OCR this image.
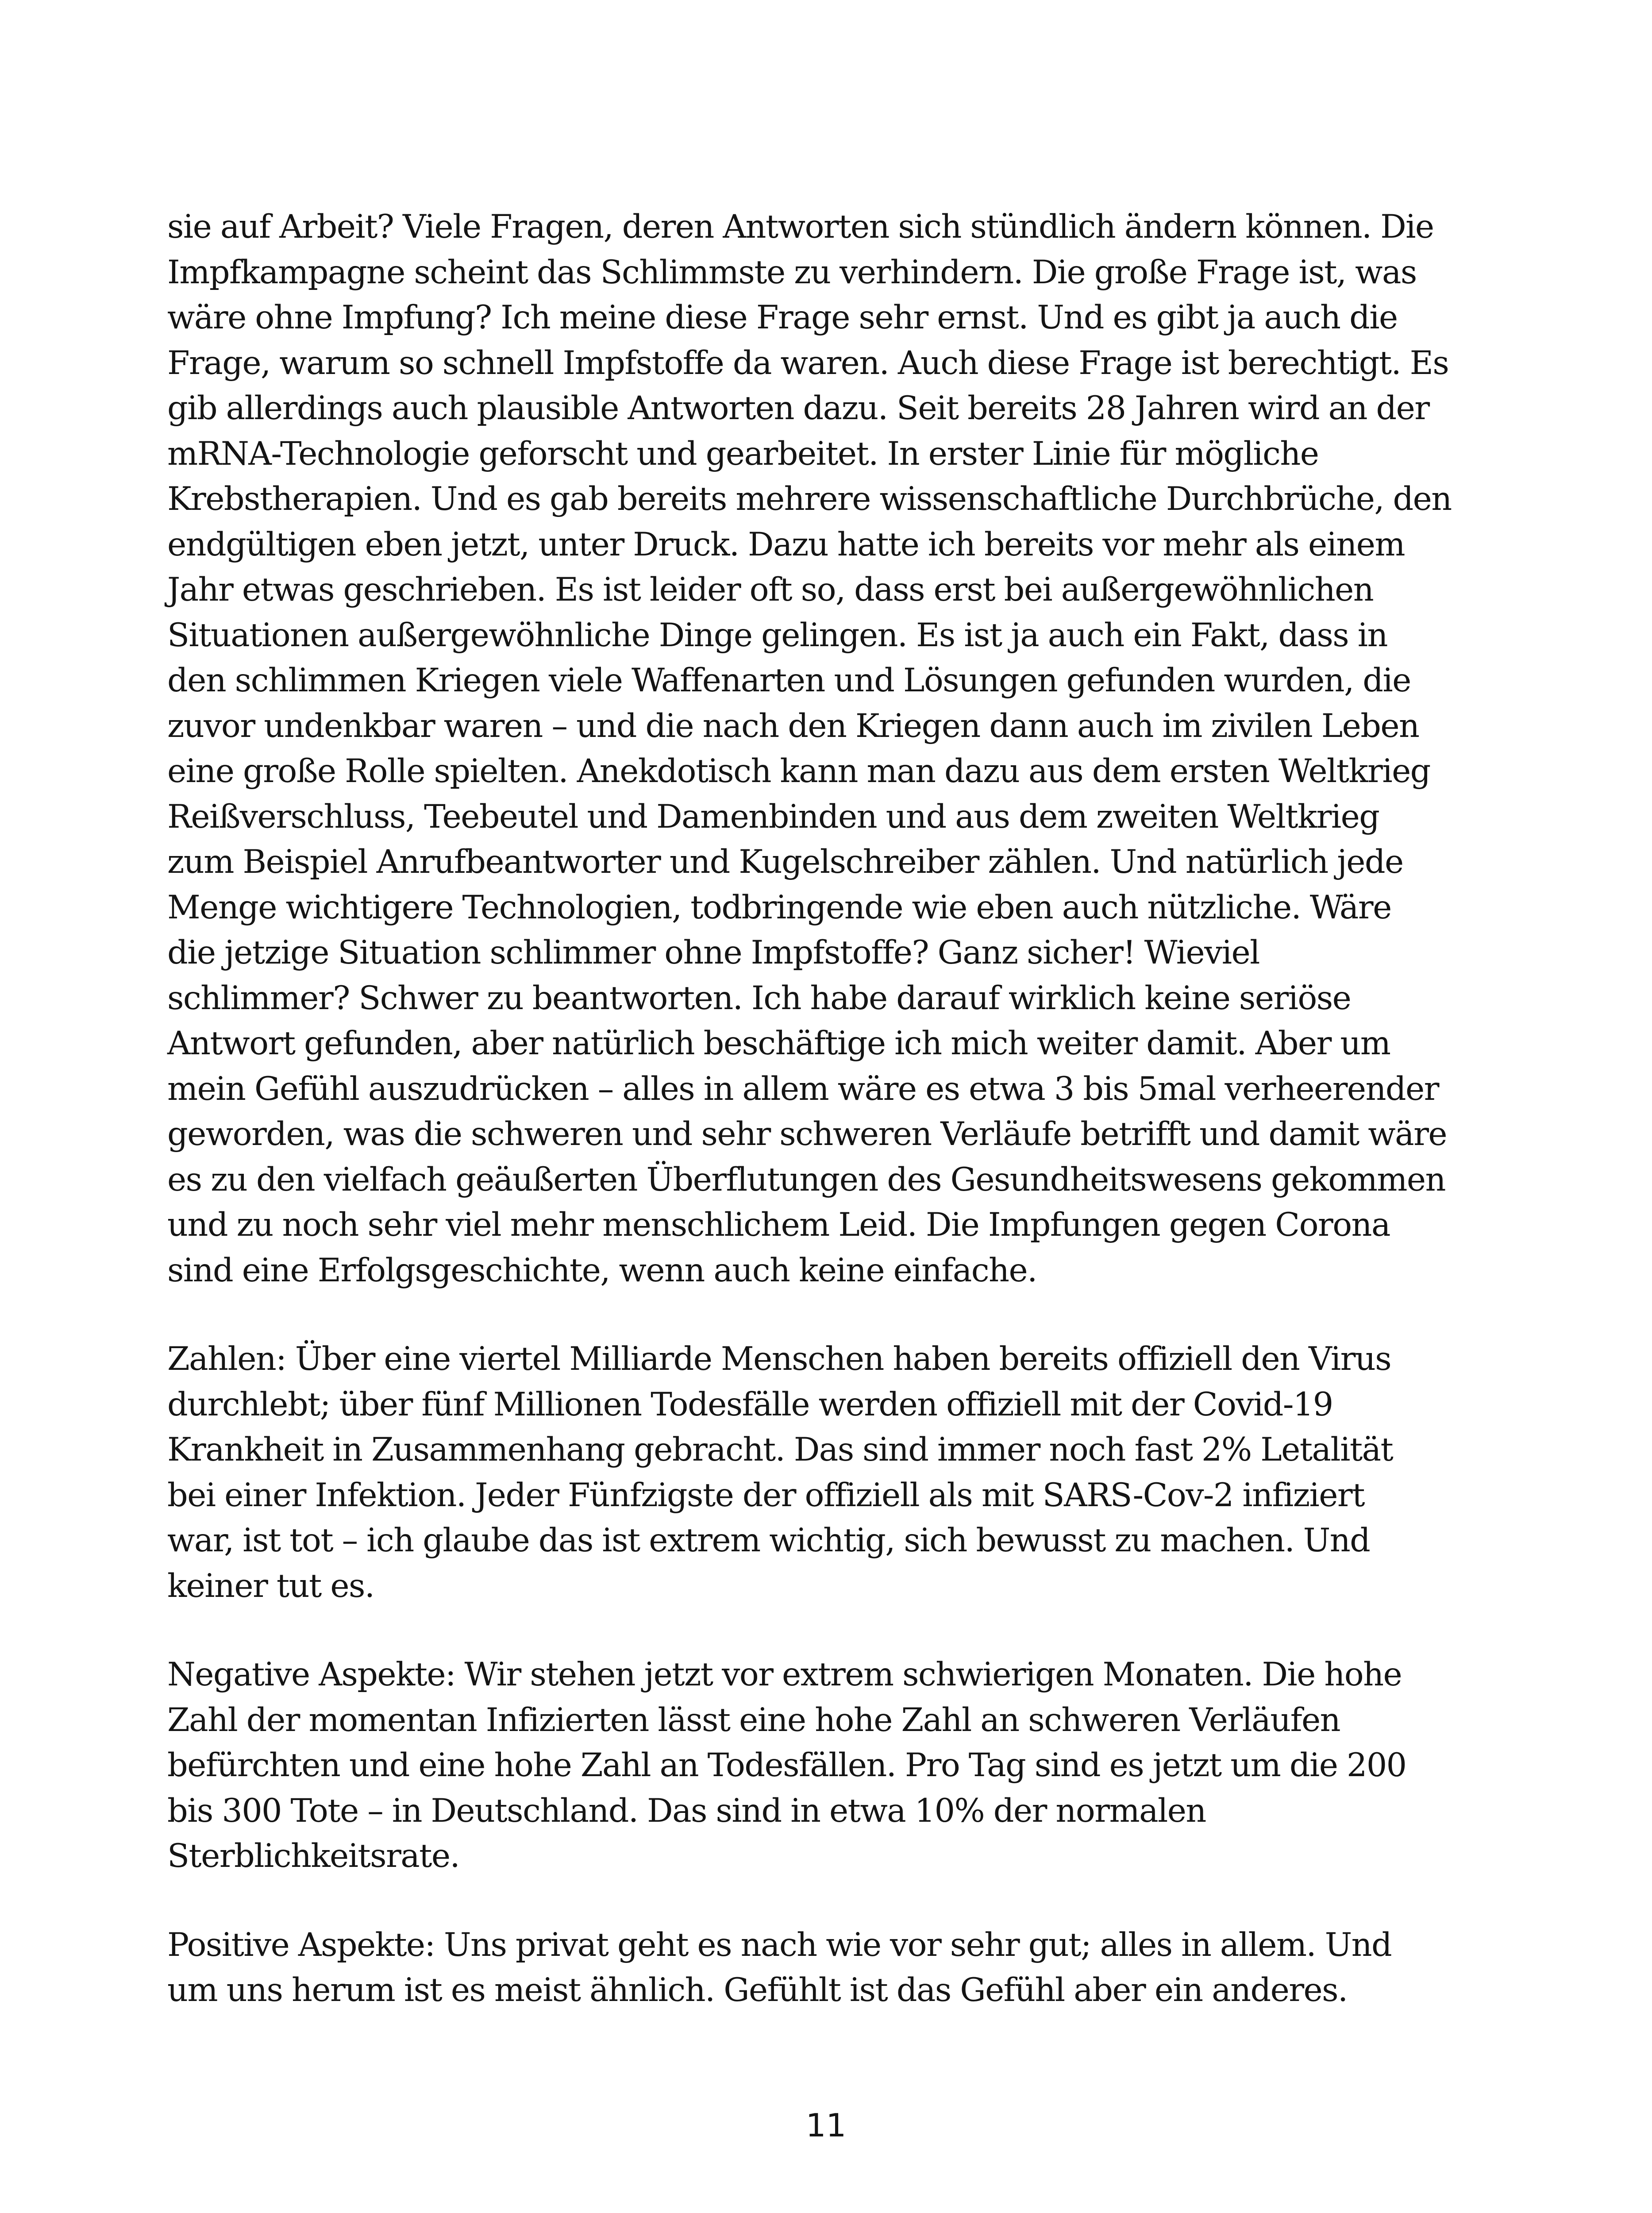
sie auf Arbeit? Viele Fragen, deren Antworten sich stündlich ändern können. Die
Impfkampagne scheint das Schlimmste zu verhindern. Die große Frage ist, was
wäre ohne Impfung? Ich meine diese Frage sehr ernst. Und es gibt ja auch die
Frage, warum so schnell Impfstoffe da waren. Auch diese Frage ist berechtigt. Es
gib allerdings auch plausible Antworten dazu. Seit bereits 28 Jahren wird an der
mRNA-Technologie geforscht und gearbeitet. In erster Linie für mögliche
Krebstherapien. Und es gab bereits mehrere wissenschaftliche Durchbrüche, den
endgültigen eben jetzt, unter Druck. Dazu hatte ich bereits vor mehr als einem
Jahr etwas geschrieben. Es ist leider oft so, dass erst bei außergewöhnlichen
Situationen außergewöhnliche Dinge gelingen. Es ist ja auch ein Fakt, dass in
den schlimmen Kriegen viele Waffenarten und Lösungen gefunden wurden, die
zuvor undenkbar waren – und die nach den Kriegen dann auch im zivilen Leben
eine große Rolle spielten. Anekdotisch kann man dazu aus dem ersten Weltkrieg
Reißverschluss, Teebeutel und Damenbinden und aus dem zweiten Weltkrieg
zum Beispiel Anrufbeantworter und Kugelschreiber zählen. Und natürlich jede
Menge wichtigere Technologien, todbringende wie eben auch nützliche. Wäre
die jetzige Situation schlimmer ohne Impfstoffe? Ganz sicher! Wieviel
schlimmer? Schwer zu beantworten. Ich habe darauf wirklich keine seriöse
Antwort gefunden, aber natürlich beschäftige ich mich weiter damit. Aber um
mein Gefühl auszudrücken – alles in allem wäre es etwa 3 bis 5mal verheerender
geworden, was die schweren und sehr schweren Verläufe betrifft und damit wäre
es zu den vielfach geäußerten Überflutungen des Gesundheitswesens gekommen
und zu noch sehr viel mehr menschlichem Leid. Die Impfungen gegen Corona
sind eine Erfolgsgeschichte, wenn auch keine einfache.
Zahlen: Über eine viertel Milliarde Menschen haben bereits offiziell den Virus
durchlebt; über fünf Millionen Todesfälle werden offiziell mit der Covid-19
Krankheit in Zusammenhang gebracht. Das sind immer noch fast 2% Letalität
bei einer Infektion. Jeder Fünfzigste der offiziell als mit SARS-Cov-2 infiziert
war, ist tot – ich glaube das ist extrem wichtig, sich bewusst zu machen. Und
keiner tut es.
Negative Aspekte: Wir stehen jetzt vor extrem schwierigen Monaten. Die hohe
Zahl der momentan Infizierten lässt eine hohe Zahl an schweren Verläufen
befürchten und eine hohe Zahl an Todesfällen. Pro Tag sind es jetzt um die 200
bis 300 Tote – in Deutschland. Das sind in etwa 10% der normalen
Sterblichkeitsrate.
Positive Aspekte: Uns privat geht es nach wie vor sehr gut; alles in allem. Und
um uns herum ist es meist ähnlich. Gefühlt ist das Gefühl aber ein anderes.
11
